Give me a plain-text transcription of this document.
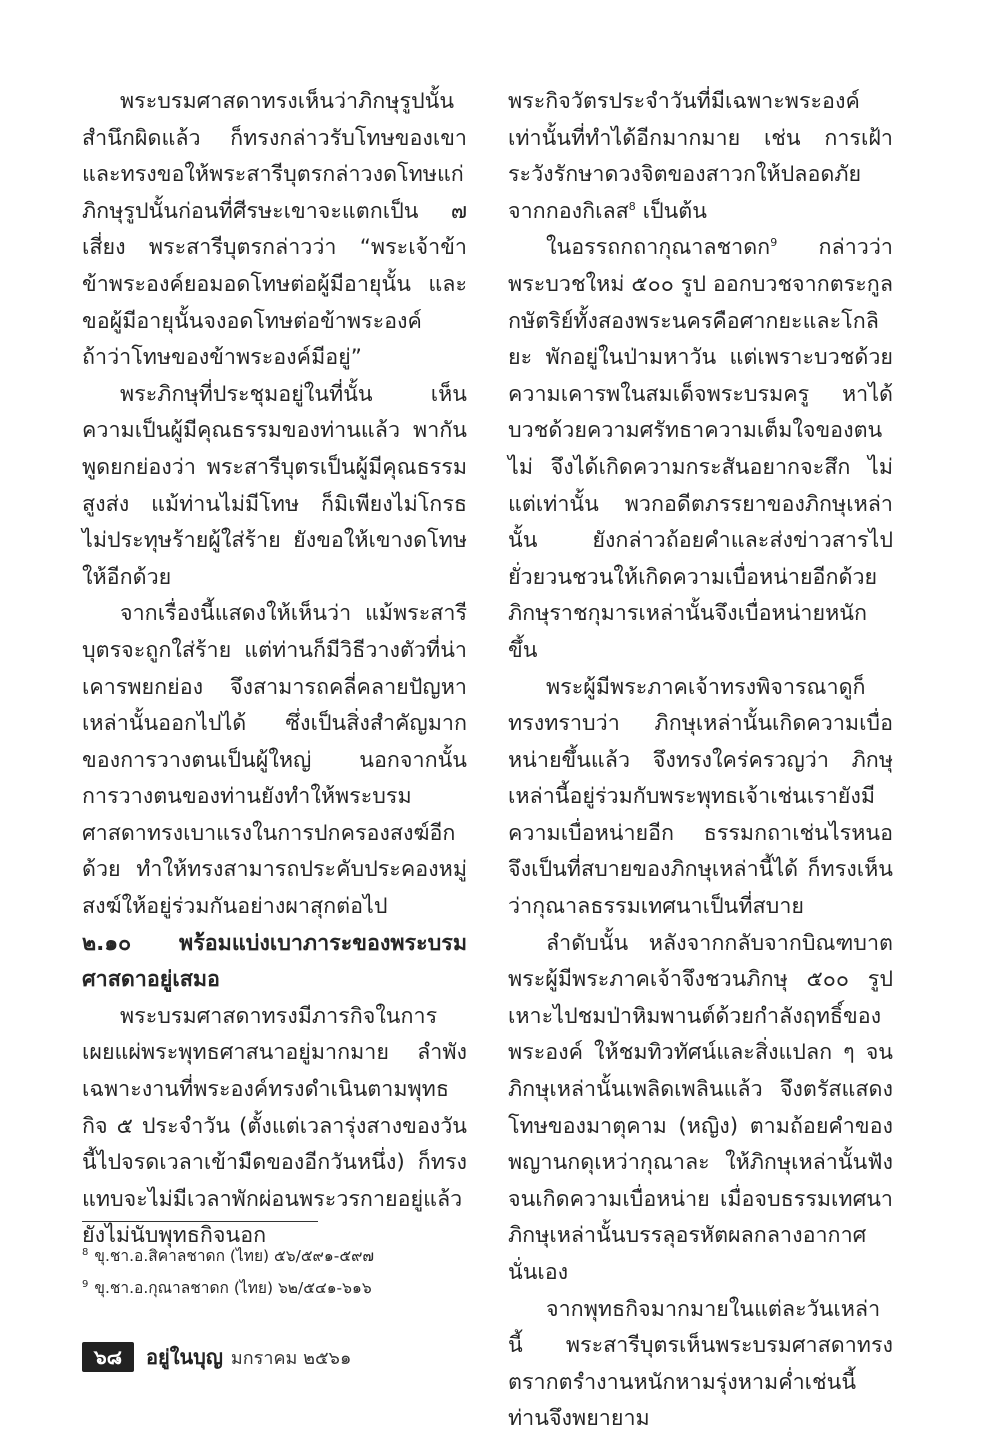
พระบรมศาสดาทรงเห็นว่าภิกษุรูปนั้นสำนึกผิดแล้ว ก็ทรงกล่าวรับโทษของเขา และทรงขอให้พระสารีบุตรกล่าวงดโทษแก่ภิกษุรูปนั้นก่อนที่ศีรษะเขาจะแตกเป็น ๗ เสี่ยง พระสารีบุตรกล่าวว่า “พระเจ้าข้า ข้าพระองค์ยอมอดโทษต่อผู้มีอายุนั้น และขอผู้มีอายุนั้นจงอดโทษต่อข้าพระองค์ ถ้าว่าโทษของข้าพระองค์มีอยู่”

พระภิกษุที่ประชุมอยู่ในที่นั้น เห็นความเป็นผู้มีคุณธรรมของท่านแล้ว พากันพูดยกย่องว่า พระสารีบุตรเป็นผู้มีคุณธรรมสูงส่ง แม้ท่านไม่มีโทษ ก็มิเพียงไม่โกรธ ไม่ประทุษร้ายผู้ใส่ร้าย ยังขอให้เขางดโทษให้อีกด้วย

จากเรื่องนี้แสดงให้เห็นว่า แม้พระสารีบุตรจะถูกใส่ร้าย แต่ท่านก็มีวิธีวางตัวที่น่าเคารพยกย่อง จึงสามารถคลี่คลายปัญหาเหล่านั้นออกไปได้ ซึ่งเป็นสิ่งสำคัญมากของการวางตนเป็นผู้ใหญ่ นอกจากนั้น การวางตนของท่านยังทำให้พระบรมศาสดาทรงเบาแรงในการปกครองสงฆ์อีกด้วย ทำให้ทรงสามารถประคับประคองหมู่สงฆ์ให้อยู่ร่วมกันอย่างผาสุกต่อไป

๒.๑๐ พร้อมแบ่งเบาภาระของพระบรมศาสดาอยู่เสมอ

พระบรมศาสดาทรงมีภารกิจในการเผยแผ่พระพุทธศาสนาอยู่มากมาย ลำพังเฉพาะงานที่พระองค์ทรงดำเนินตามพุทธกิจ ๕ ประจำวัน (ตั้งแต่เวลารุ่งสางของวันนี้ไปจรดเวลาเข้ามืดของอีกวันหนึ่ง) ก็ทรงแทบจะไม่มีเวลาพักผ่อนพระวรกายอยู่แล้ว ยังไม่นับพุทธกิจนอก

พระกิจวัตรประจำวันที่มีเฉพาะพระองค์เท่านั้นที่ทำได้อีกมากมาย เช่น การเฝ้าระวังรักษาดวงจิตของสาวกให้ปลอดภัยจากกองกิเลส$^8$ เป็นต้น

ในอรรถกถากุณาลชาดก$^9$ กล่าวว่า พระบวชใหม่ ๕๐๐ รูป ออกบวชจากตระกูลกษัตริย์ทั้งสองพระนครคือศากยะและโกลิยะ พักอยู่ในป่ามหาวัน แต่เพราะบวชด้วยความเคารพในสมเด็จพระบรมครู หาได้บวชด้วยความศรัทธาความเต็มใจของตนไม่ จึงได้เกิดความกระสันอยากจะสึก ไม่แต่เท่านั้น พวกอดีตภรรยาของภิกษุเหล่านั้น ยังกล่าวถ้อยคำและส่งข่าวสารไปยั่วยวนชวนให้เกิดความเบื่อหน่ายอีกด้วย ภิกษุราชกุมารเหล่านั้นจึงเบื่อหน่ายหนักขึ้น

พระผู้มีพระภาคเจ้าทรงพิจารณาดูก็ทรงทราบว่า ภิกษุเหล่านั้นเกิดความเบื่อหน่ายขึ้นแล้ว จึงทรงใคร่ครวญว่า ภิกษุเหล่านี้อยู่ร่วมกับพระพุทธเจ้าเช่นเรายังมีความเบื่อหน่ายอีก ธรรมกถาเช่นไรหนอจึงเป็นที่สบายของภิกษุเหล่านี้ได้ ก็ทรงเห็นว่ากุณาลธรรมเทศนาเป็นที่สบาย

ลำดับนั้น หลังจากกลับจากบิณฑบาต พระผู้มีพระภาคเจ้าจึงชวนภิกษุ ๕๐๐ รูป เหาะไปชมป่าหิมพานต์ด้วยกำลังฤทธิ์ของพระองค์ ให้ชมทิวทัศน์และสิ่งแปลก ๆ จนภิกษุเหล่านั้นเพลิดเพลินแล้ว จึงตรัสแสดงโทษของมาตุคาม (หญิง) ตามถ้อยคำของพญานกดุเหว่ากุณาละ ให้ภิกษุเหล่านั้นฟัง จนเกิดความเบื่อหน่าย เมื่อจบธรรมเทศนา ภิกษุเหล่านั้นบรรลุอรหัตผลกลางอากาศนั่นเอง

จากพุทธกิจมากมายในแต่ละวันเหล่านี้ พระสารีบุตรเห็นพระบรมศาสดาทรงตรากตรำงานหนักหามรุ่งหามค่ำเช่นนี้ ท่านจึงพยายาม

$^8$ ขุ.ชา.อ.สิคาลชาดก (ไทย) ๕๖/๕๙๑-๕๙๗

$^9$ ขุ.ชา.อ.กุณาลชาดก (ไทย) ๖๒/๕๔๑-๖๑๖

๖๘	อยู่ในบุญ มกราคม ๒๕๖๑
